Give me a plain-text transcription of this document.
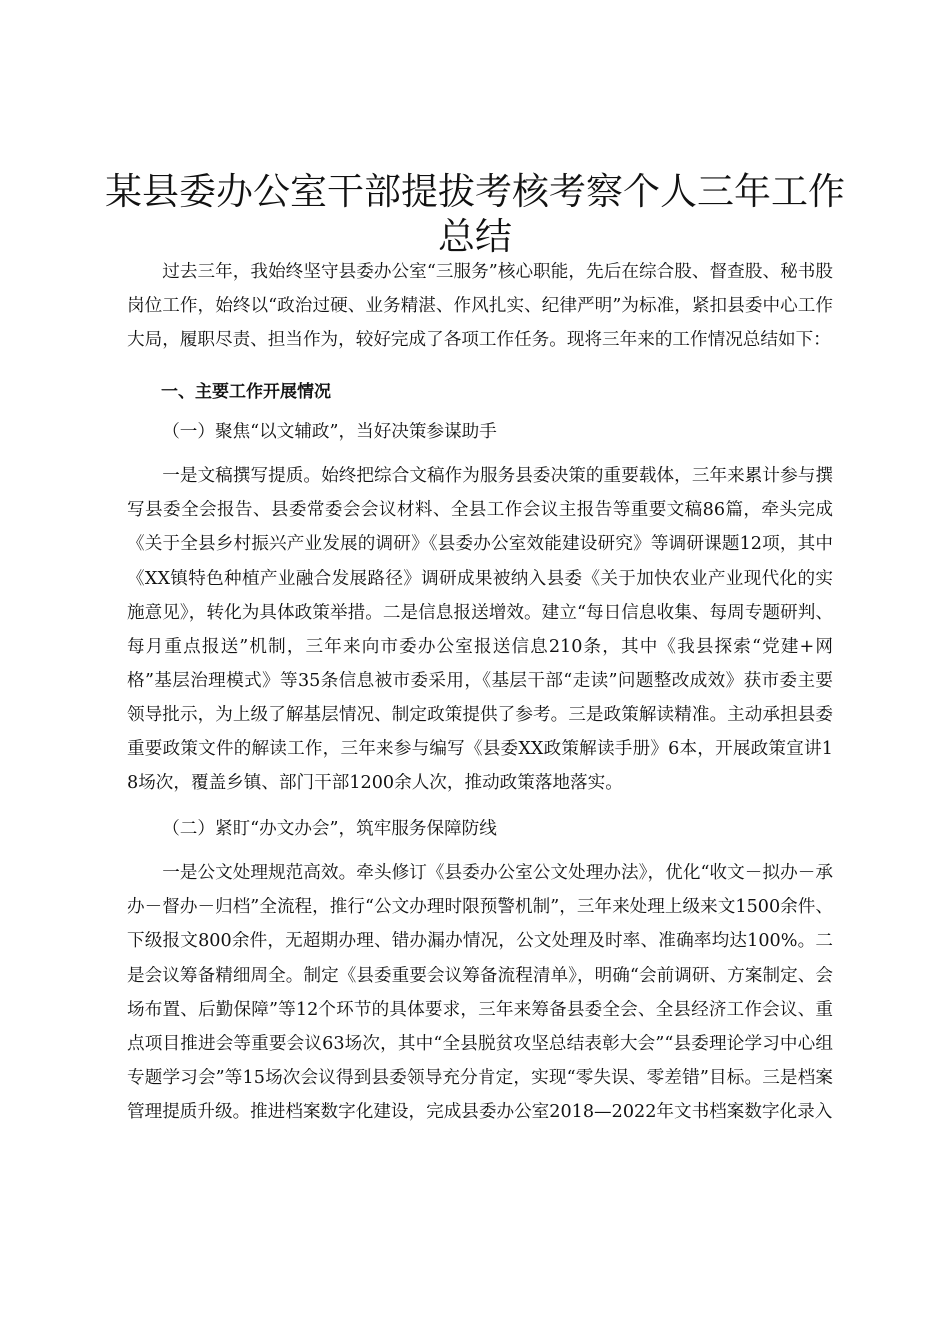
某县委办公室干部提拔考核考察个人三年工作
总结

过去三年，我始终坚守县委办公室“三服务”核心职能，先后在综合股、督查股、秘书股岗位工作，始终以“政治过硬、业务精湛、作风扎实、纪律严明”为标准，紧扣县委中心工作大局，履职尽责、担当作为，较好完成了各项工作任务。现将三年来的工作情况总结如下：

一、主要工作开展情况

（一）聚焦“以文辅政”，当好决策参谋助手

一是文稿撰写提质。始终把综合文稿作为服务县委决策的重要载体，三年来累计参与撰写县委全会报告、县委常委会会议材料、全县工作会议主报告等重要文稿86篇，牵头完成《关于全县乡村振兴产业发展的调研》《县委办公室效能建设研究》等调研课题12项，其中《XX镇特色种植产业融合发展路径》调研成果被纳入县委《关于加快农业产业现代化的实施意见》，转化为具体政策举措。二是信息报送增效。建立“每日信息收集、每周专题研判、每月重点报送”机制，三年来向市委办公室报送信息210条，其中《我县探索“党建+网格”基层治理模式》等35条信息被市委采用，《基层干部“走读”问题整改成效》获市委主要领导批示，为上级了解基层情况、制定政策提供了参考。三是政策解读精准。主动承担县委重要政策文件的解读工作，三年来参与编写《县委XX政策解读手册》6本，开展政策宣讲18场次，覆盖乡镇、部门干部1200余人次，推动政策落地落实。

（二）紧盯“办文办会”，筑牢服务保障防线

一是公文处理规范高效。牵头修订《县委办公室公文处理办法》，优化“收文－拟办－承办－督办－归档”全流程，推行“公文办理时限预警机制”，三年来处理上级来文1500余件、下级报文800余件，无超期办理、错办漏办情况，公文处理及时率、准确率均达100%。二是会议筹备精细周全。制定《县委重要会议筹备流程清单》，明确“会前调研、方案制定、会场布置、后勤保障”等12个环节的具体要求，三年来筹备县委全会、全县经济工作会议、重点项目推进会等重要会议63场次，其中“全县脱贫攻坚总结表彰大会”“县委理论学习中心组专题学习会”等15场次会议得到县委领导充分肯定，实现“零失误、零差错”目标。三是档案管理提质升级。推进档案数字化建设，完成县委办公室2018—2022年文书档案数字化录入
